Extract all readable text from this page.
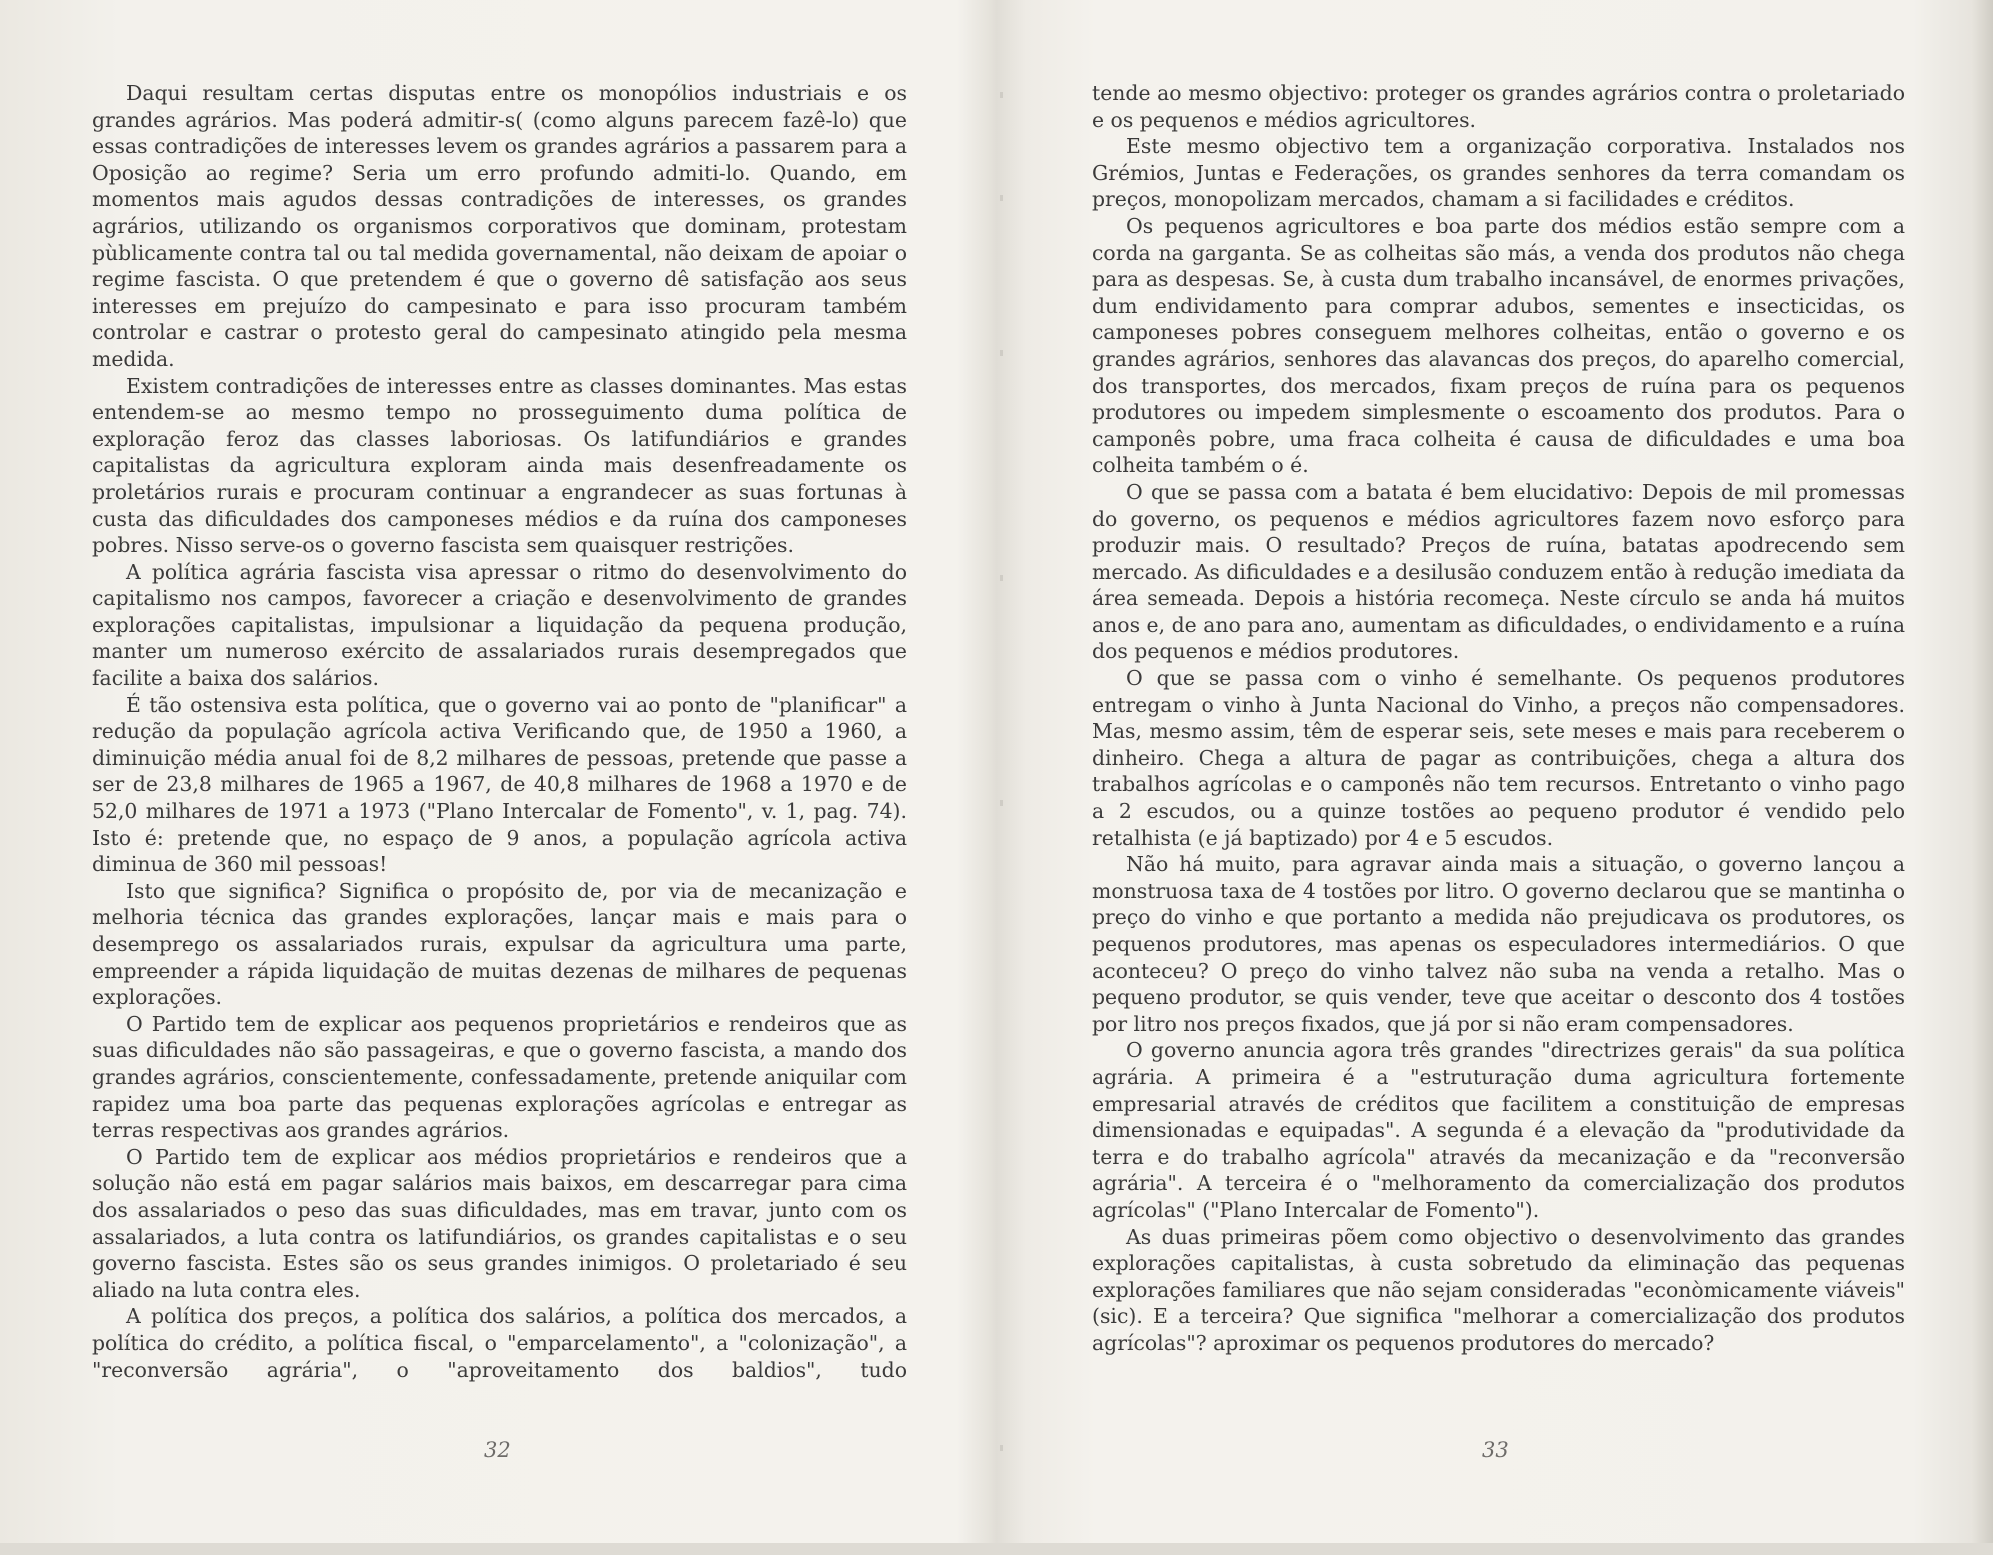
Daqui resultam certas disputas entre os monopólios industriais e os grandes agrários. Mas poderá admitir-s( (como alguns parecem fazê-lo) que essas contradições de interesses levem os grandes agrários a passarem para a Oposição ao regime? Seria um erro profundo admiti-lo. Quando, em momentos mais agudos dessas contradições de interesses, os grandes agrários, utilizando os organismos corporativos que dominam, protestam pùblicamente contra tal ou tal medida governamental, não deixam de apoiar o regime fascista. O que pretendem é que o governo dê satisfação aos seus interesses em prejuízo do campesinato e para isso procuram também controlar e castrar o protesto geral do campesinato atingido pela mesma medida.

Existem contradições de interesses entre as classes dominantes. Mas estas entendem-se ao mesmo tempo no prosseguimento duma política de exploração feroz das classes laboriosas. Os latifundiários e grandes capitalistas da agricultura exploram ainda mais desenfreadamente os proletários rurais e procuram continuar a engrandecer as suas fortunas à custa das dificuldades dos camponeses médios e da ruína dos camponeses pobres. Nisso serve-os o governo fascista sem quaisquer restrições.

A política agrária fascista visa apressar o ritmo do desenvolvimento do capitalismo nos campos, favorecer a criação e desenvolvimento de grandes explorações capitalistas, impulsionar a liquidação da pequena produção, manter um numeroso exército de assalariados rurais desempregados que facilite a baixa dos salários.

É tão ostensiva esta política, que o governo vai ao ponto de "planificar" a redução da população agrícola activa Verificando que, de 1950 a 1960, a diminuição média anual foi de 8,2 milhares de pessoas, pretende que passe a ser de 23,8 milhares de 1965 a 1967, de 40,8 milhares de 1968 a 1970 e de 52,0 milhares de 1971 a 1973 ("Plano Intercalar de Fomento", v. 1, pag. 74). Isto é: pretende que, no espaço de 9 anos, a população agrícola activa diminua de 360 mil pessoas!

Isto que significa? Significa o propósito de, por via de mecanização e melhoria técnica das grandes explorações, lançar mais e mais para o desemprego os assalariados rurais, expulsar da agricultura uma parte, empreender a rápida liquidação de muitas dezenas de milhares de pequenas explorações.

O Partido tem de explicar aos pequenos proprietários e rendeiros que as suas dificuldades não são passageiras, e que o governo fascista, a mando dos grandes agrários, conscientemente, confessadamente, pretende aniquilar com rapidez uma boa parte das pequenas explorações agrícolas e entregar as terras respectivas aos grandes agrários.

O Partido tem de explicar aos médios proprietários e rendeiros que a solução não está em pagar salários mais baixos, em descarregar para cima dos assalariados o peso das suas dificuldades, mas em travar, junto com os assalariados, a luta contra os latifundiários, os grandes capitalistas e o seu governo fascista. Estes são os seus grandes inimigos. O proletariado é seu aliado na luta contra eles.

A política dos preços, a política dos salários, a política dos mercados, a política do crédito, a política fiscal, o "emparcelamento", a "colonização", a "reconversão agrária", o "aproveitamento dos baldios", tudo

32

tende ao mesmo objectivo: proteger os grandes agrários contra o proletariado e os pequenos e médios agricultores.

Este mesmo objectivo tem a organização corporativa. Instalados nos Grémios, Juntas e Federações, os grandes senhores da terra comandam os preços, monopolizam mercados, chamam a si facilidades e créditos.

Os pequenos agricultores e boa parte dos médios estão sempre com a corda na garganta. Se as colheitas são más, a venda dos produtos não chega para as despesas. Se, à custa dum trabalho incansável, de enormes privações, dum endividamento para comprar adubos, sementes e insecticidas, os camponeses pobres conseguem melhores colheitas, então o governo e os grandes agrários, senhores das alavancas dos preços, do aparelho comercial, dos transportes, dos mercados, fixam preços de ruína para os pequenos produtores ou impedem simplesmente o escoamento dos produtos. Para o camponês pobre, uma fraca colheita é causa de dificuldades e uma boa colheita também o é.

O que se passa com a batata é bem elucidativo: Depois de mil promessas do governo, os pequenos e médios agricultores fazem novo esforço para produzir mais. O resultado? Preços de ruína, batatas apodrecendo sem mercado. As dificuldades e a desilusão conduzem então à redução imediata da área semeada. Depois a história recomeça. Neste círculo se anda há muitos anos e, de ano para ano, aumentam as dificuldades, o endividamento e a ruína dos pequenos e médios produtores.

O que se passa com o vinho é semelhante. Os pequenos produtores entregam o vinho à Junta Nacional do Vinho, a preços não compensadores. Mas, mesmo assim, têm de esperar seis, sete meses e mais para receberem o dinheiro. Chega a altura de pagar as contribuições, chega a altura dos trabalhos agrícolas e o camponês não tem recursos. Entretanto o vinho pago a 2 escudos, ou a quinze tostões ao pequeno produtor é vendido pelo retalhista (e já baptizado) por 4 e 5 escudos.

Não há muito, para agravar ainda mais a situação, o governo lançou a monstruosa taxa de 4 tostões por litro. O governo declarou que se mantinha o preço do vinho e que portanto a medida não prejudicava os produtores, os pequenos produtores, mas apenas os especuladores intermediários. O que aconteceu? O preço do vinho talvez não suba na venda a retalho. Mas o pequeno produtor, se quis vender, teve que aceitar o desconto dos 4 tostões por litro nos preços fixados, que já por si não eram compensadores.

O governo anuncia agora três grandes "directrizes gerais" da sua política agrária. A primeira é a "estruturação duma agricultura fortemente empresarial através de créditos que facilitem a constituição de empresas dimensionadas e equipadas". A segunda é a elevação da "produtividade da terra e do trabalho agrícola" através da mecanização e da "reconversão agrária". A terceira é o "melhoramento da comercialização dos produtos agrícolas" ("Plano Intercalar de Fomento").

As duas primeiras põem como objectivo o desenvolvimento das grandes explorações capitalistas, à custa sobretudo da eliminação das pequenas explorações familiares que não sejam consideradas "econòmicamente viáveis" (sic). E a terceira? Que significa "melhorar a comercialização dos produtos agrícolas"? aproximar os pequenos produtores do mercado?

33
